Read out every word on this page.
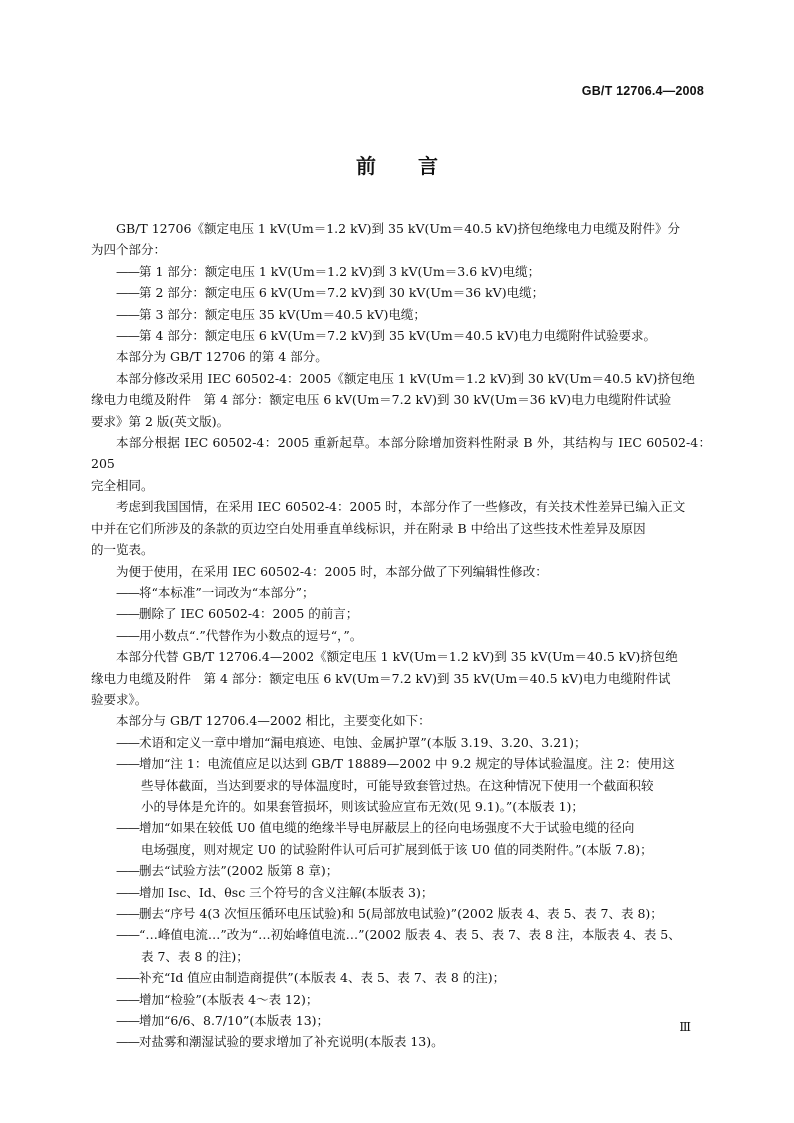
GB/T 12706.4—2008
前 言

GB/T 12706《额定电压 1 kV(Um＝1.2 kV)到 35 kV(Um＝40.5 kV)挤包绝缘电力电缆及附件》分

为四个部分：

——第 1 部分：额定电压 1 kV(Um＝1.2 kV)到 3 kV(Um＝3.6 kV)电缆；

——第 2 部分：额定电压 6 kV(Um＝7.2 kV)到 30 kV(Um＝36 kV)电缆；

——第 3 部分：额定电压 35 kV(Um＝40.5 kV)电缆；

——第 4 部分：额定电压 6 kV(Um＝7.2 kV)到 35 kV(Um＝40.5 kV)电力电缆附件试验要求。

本部分为 GB/T 12706 的第 4 部分。

本部分修改采用 IEC 60502-4：2005《额定电压 1 kV(Um＝1.2 kV)到 30 kV(Um＝40.5 kV)挤包绝

缘电力电缆及附件　第 4 部分：额定电压 6 kV(Um＝7.2 kV)到 30 kV(Um＝36 kV)电力电缆附件试验

要求》第 2 版(英文版)。

本部分根据 IEC 60502-4：2005 重新起草。本部分除增加资料性附录 B 外，其结构与 IEC 60502-4：205

完全相同。

考虑到我国国情，在采用 IEC 60502-4：2005 时，本部分作了一些修改，有关技术性差异已编入正文

中并在它们所涉及的条款的页边空白处用垂直单线标识，并在附录 B 中给出了这些技术性差异及原因

的一览表。

为便于使用，在采用 IEC 60502-4：2005 时，本部分做了下列编辑性修改：

——将“本标准”一词改为“本部分”；

——删除了 IEC 60502-4：2005 的前言；

——用小数点“.”代替作为小数点的逗号“，”。

本部分代替 GB/T 12706.4—2002《额定电压 1 kV(Um＝1.2 kV)到 35 kV(Um＝40.5 kV)挤包绝

缘电力电缆及附件　第 4 部分：额定电压 6 kV(Um＝7.2 kV)到 35 kV(Um＝40.5 kV)电力电缆附件试

验要求》。

本部分与 GB/T 12706.4—2002 相比，主要变化如下：

——术语和定义一章中增加“漏电痕迹、电蚀、金属护罩”(本版 3.19、3.20、3.21)；

——增加“注 1：电流值应足以达到 GB/T 18889—2002 中 9.2 规定的导体试验温度。注 2：使用这

些导体截面，当达到要求的导体温度时，可能导致套管过热。在这种情况下使用一个截面积较

小的导体是允许的。如果套管损坏，则该试验应宣布无效(见 9.1)。”(本版表 1)；

——增加“如果在较低 U0 值电缆的绝缘半导电屏蔽层上的径向电场强度不大于试验电缆的径向

电场强度，则对规定 U0 的试验附件认可后可扩展到低于该 U0 值的同类附件。”(本版 7.8)；

——删去“试验方法”(2002 版第 8 章)；

——增加 Isc、Id、θsc 三个符号的含义注解(本版表 3)；

——删去“序号 4(3 次恒压循环电压试验)和 5(局部放电试验)”(2002 版表 4、表 5、表 7、表 8)；

——“…峰值电流…”改为“…初始峰值电流…”(2002 版表 4、表 5、表 7、表 8 注，本版表 4、表 5、

表 7、表 8 的注)；

——补充“Id 值应由制造商提供”(本版表 4、表 5、表 7、表 8 的注)；

——增加“检验”(本版表 4～表 12)；

——增加“6/6、8.7/10”(本版表 13)；

——对盐雾和潮湿试验的要求增加了补充说明(本版表 13)。

Ⅲ
